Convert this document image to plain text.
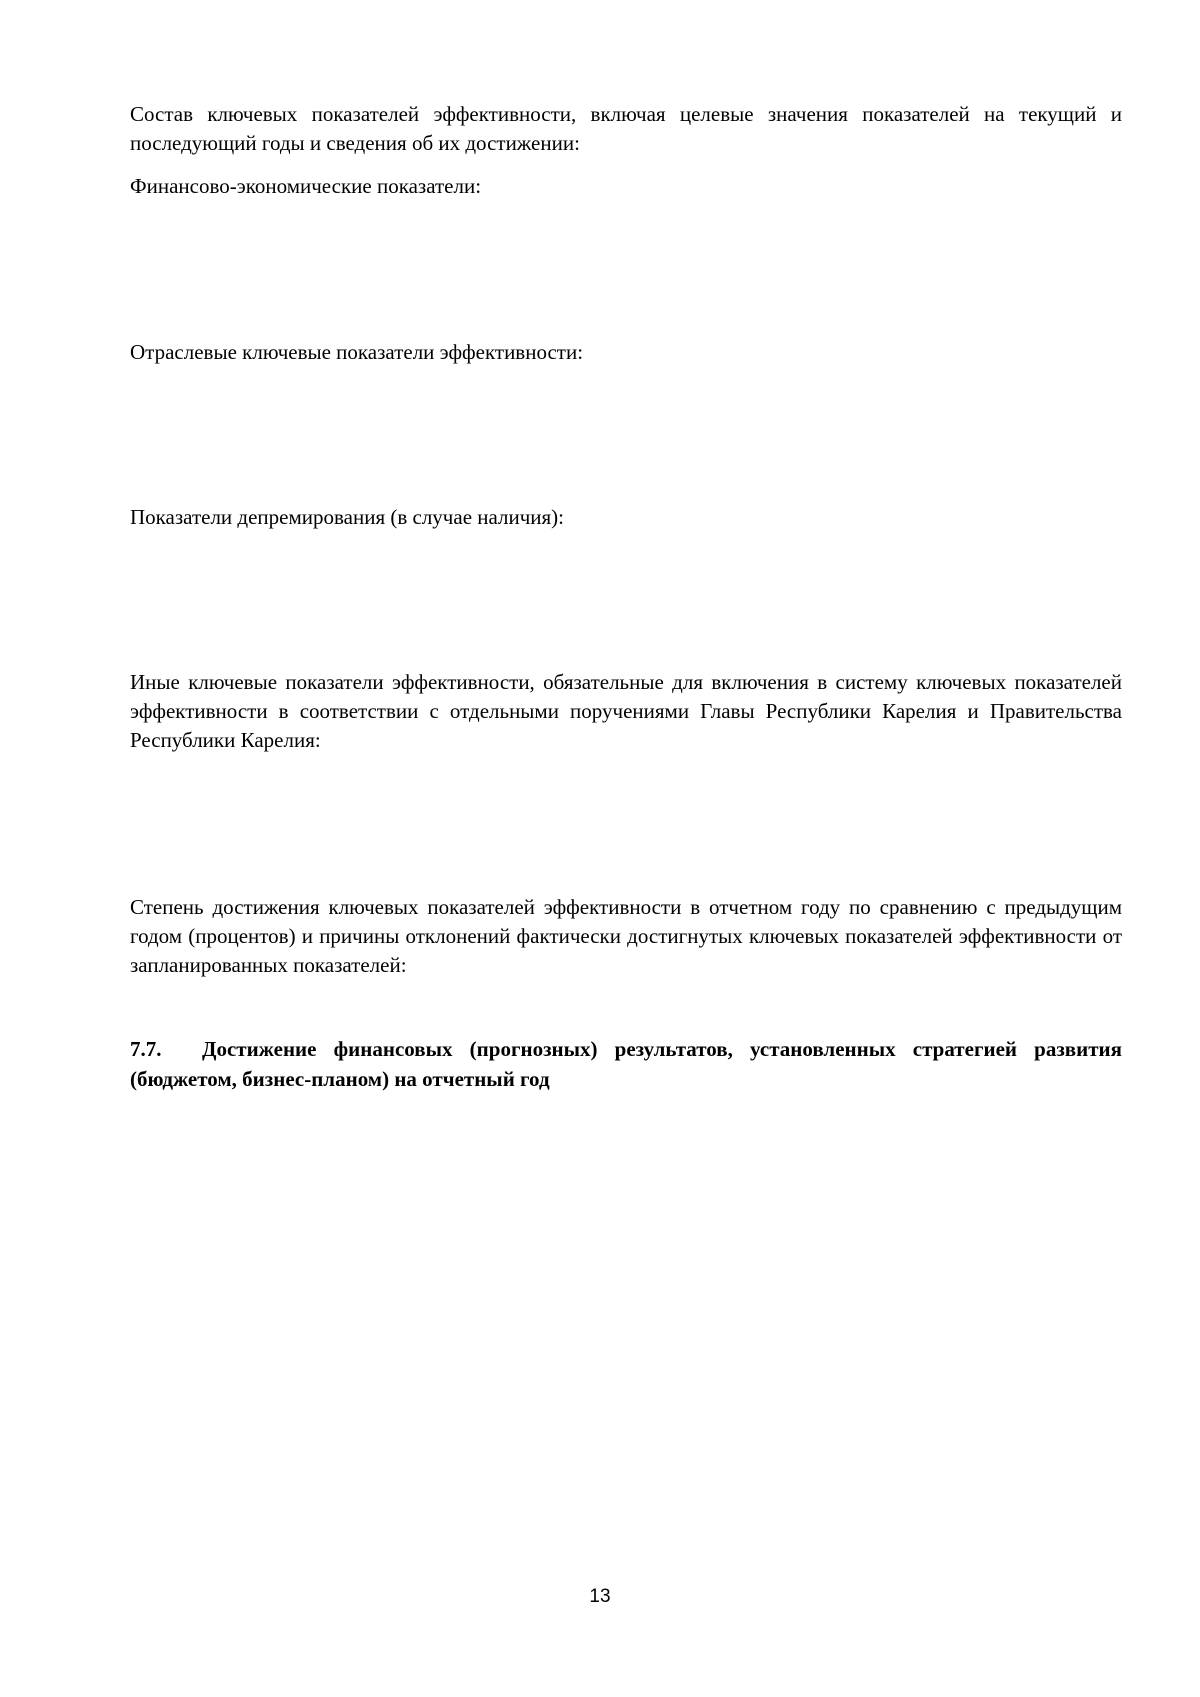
Состав ключевых показателей эффективности, включая целевые значения показателей на текущий и последующий годы и сведения об их достижении:

Финансово-экономические показатели:

Отраслевые ключевые показатели эффективности:

Показатели депремирования (в случае наличия):

Иные ключевые показатели эффективности, обязательные для включения в систему ключевых показателей эффективности в соответствии с отдельными поручениями Главы Республики Карелия и Правительства Республики Карелия:

Степень достижения ключевых показателей эффективности в отчетном году по сравнению с предыдущим годом (процентов) и причины отклонений фактически достигнутых ключевых показателей эффективности от запланированных показателей:

7.7. Достижение финансовых (прогнозных) результатов, установленных стратегией развития (бюджетом, бизнес-планом) на отчетный год

13
